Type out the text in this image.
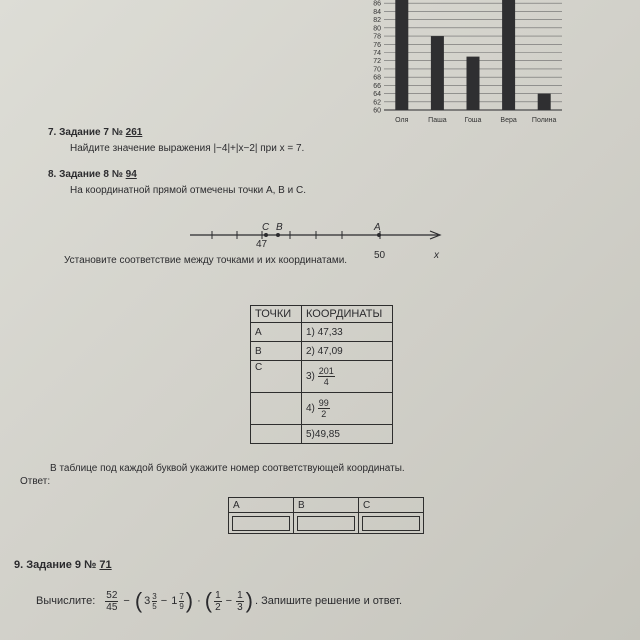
60
62
64
66
68
70
72
74
76
78
80
82
84
86
Оля	Паша	Гоша	Вера Полина
7. Задание 7 № 261
Найдите значение выражения |−4|+|x−2| при x = 7.
8. Задание 8 № 94
На координатной прямой отмечены точки A, B и C.
C B	A
47
50	x
Установите соответствие между точками и их координатами.
ТОЧКИ	КООРДИНАТЫ
A	1) 47,33
B	2) 47,09
C	$3) \frac{201}{4}$

	$4) \frac{99}{2}$

	5)49,85
В таблице под каждой буквой укажите номер соответствующей координаты.
Ответ:
A	B	C

9. Задание 9 № 71
Вычислите: $\frac{52}{45}$ − ( $3 \frac{3}{5} - 1 \frac{7}{9}$ ) · ( $\frac{1}{2} - \frac{1}{3}$ ) . Запишите решение и ответ.
